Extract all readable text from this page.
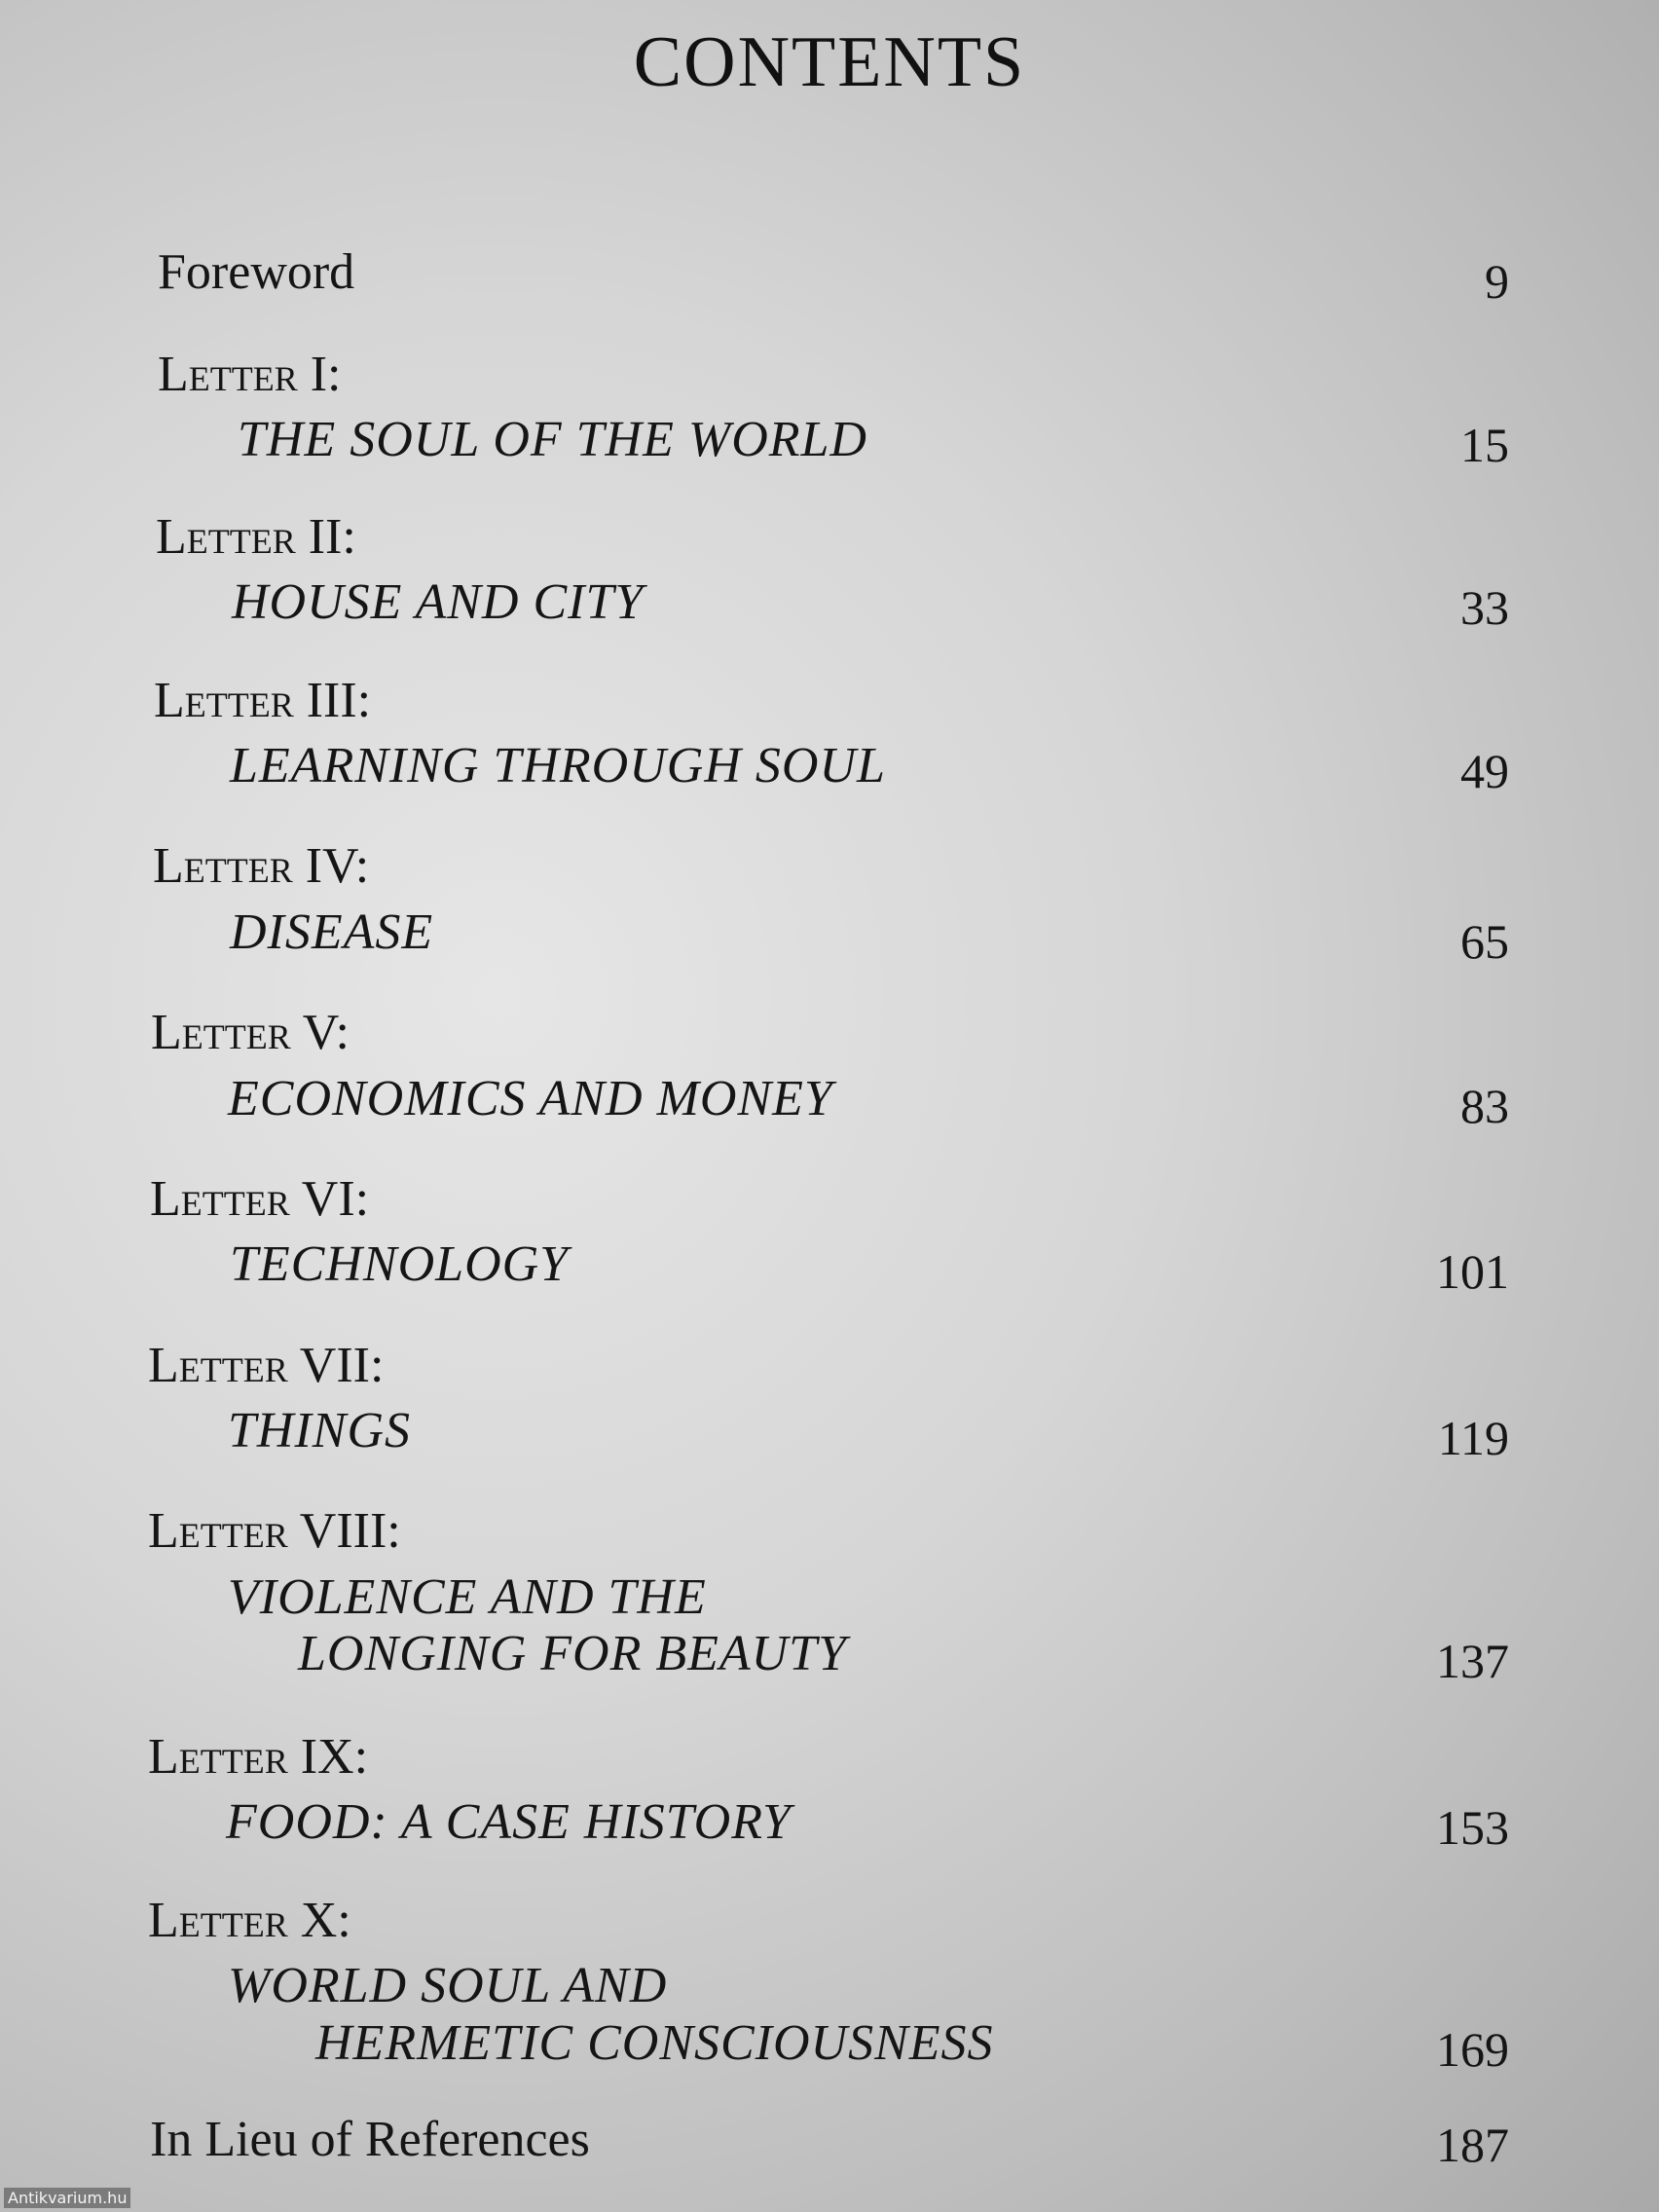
CONTENTS
Foreword	9
Letter I:
THE SOUL OF THE WORLD	15
Letter II:
HOUSE AND CITY	33
Letter III:
LEARNING THROUGH SOUL	49
Letter IV:
DISEASE	65
Letter V:
ECONOMICS AND MONEY	83
Letter VI:
TECHNOLOGY	101
Letter VII:
THINGS	119
Letter VIII:
VIOLENCE AND THE
LONGING FOR BEAUTY	137
Letter IX:
FOOD: A CASE HISTORY	153
Letter X:
WORLD SOUL AND
HERMETIC CONSCIOUSNESS	169
In Lieu of References	187
Antikvarium.hu
